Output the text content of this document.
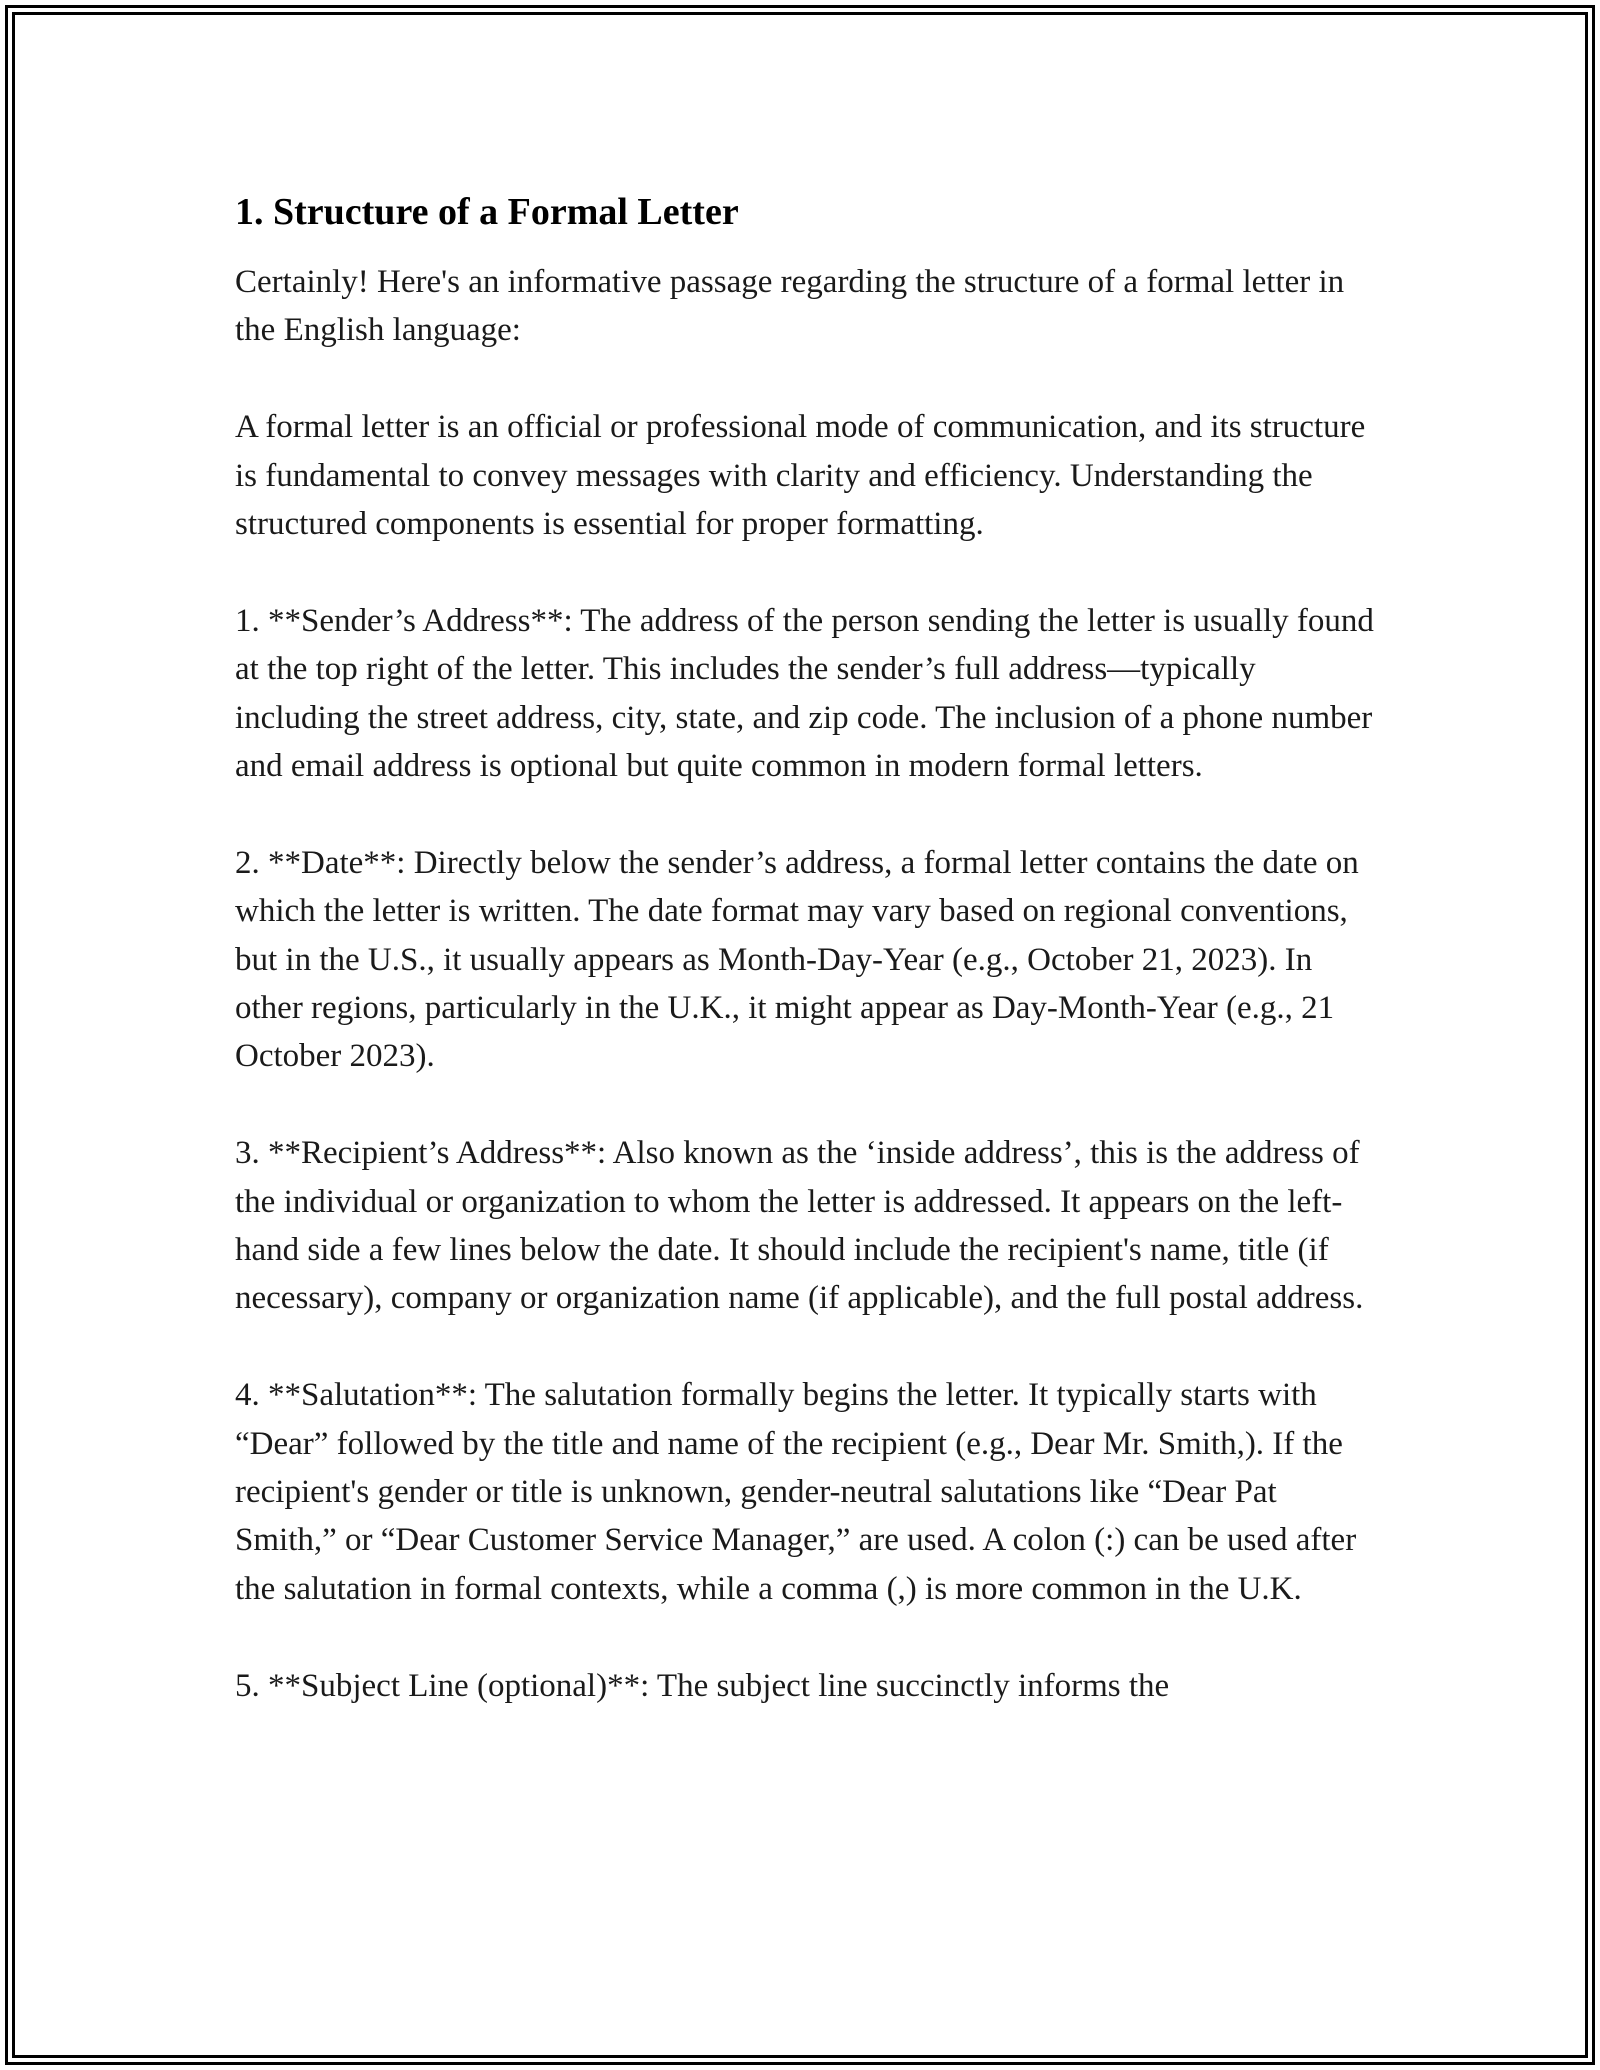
1. Structure of a Formal Letter

Certainly! Here's an informative passage regarding the structure of a formal letter in the English language:

A formal letter is an official or professional mode of communication, and its structure is fundamental to convey messages with clarity and efficiency. Understanding the structured components is essential for proper formatting.

1. **Sender’s Address**: The address of the person sending the letter is usually found at the top right of the letter. This includes the sender’s full address—typically including the street address, city, state, and zip code. The inclusion of a phone number and email address is optional but quite common in modern formal letters.

2. **Date**: Directly below the sender’s address, a formal letter contains the date on which the letter is written. The date format may vary based on regional conventions, but in the U.S., it usually appears as Month-Day-Year (e.g., October 21, 2023). In other regions, particularly in the U.K., it might appear as Day-Month-Year (e.g., 21 October 2023).

3. **Recipient’s Address**: Also known as the ‘inside address’, this is the address of the individual or organization to whom the letter is addressed. It appears on the left-hand side a few lines below the date. It should include the recipient's name, title (if necessary), company or organization name (if applicable), and the full postal address.

4. **Salutation**: The salutation formally begins the letter. It typically starts with “Dear” followed by the title and name of the recipient (e.g., Dear Mr. Smith,). If the recipient's gender or title is unknown, gender-neutral salutations like “Dear Pat Smith,” or “Dear Customer Service Manager,” are used. A colon (:) can be used after the salutation in formal contexts, while a comma (,) is more common in the U.K.

5. **Subject Line (optional)**: The subject line succinctly informs the
